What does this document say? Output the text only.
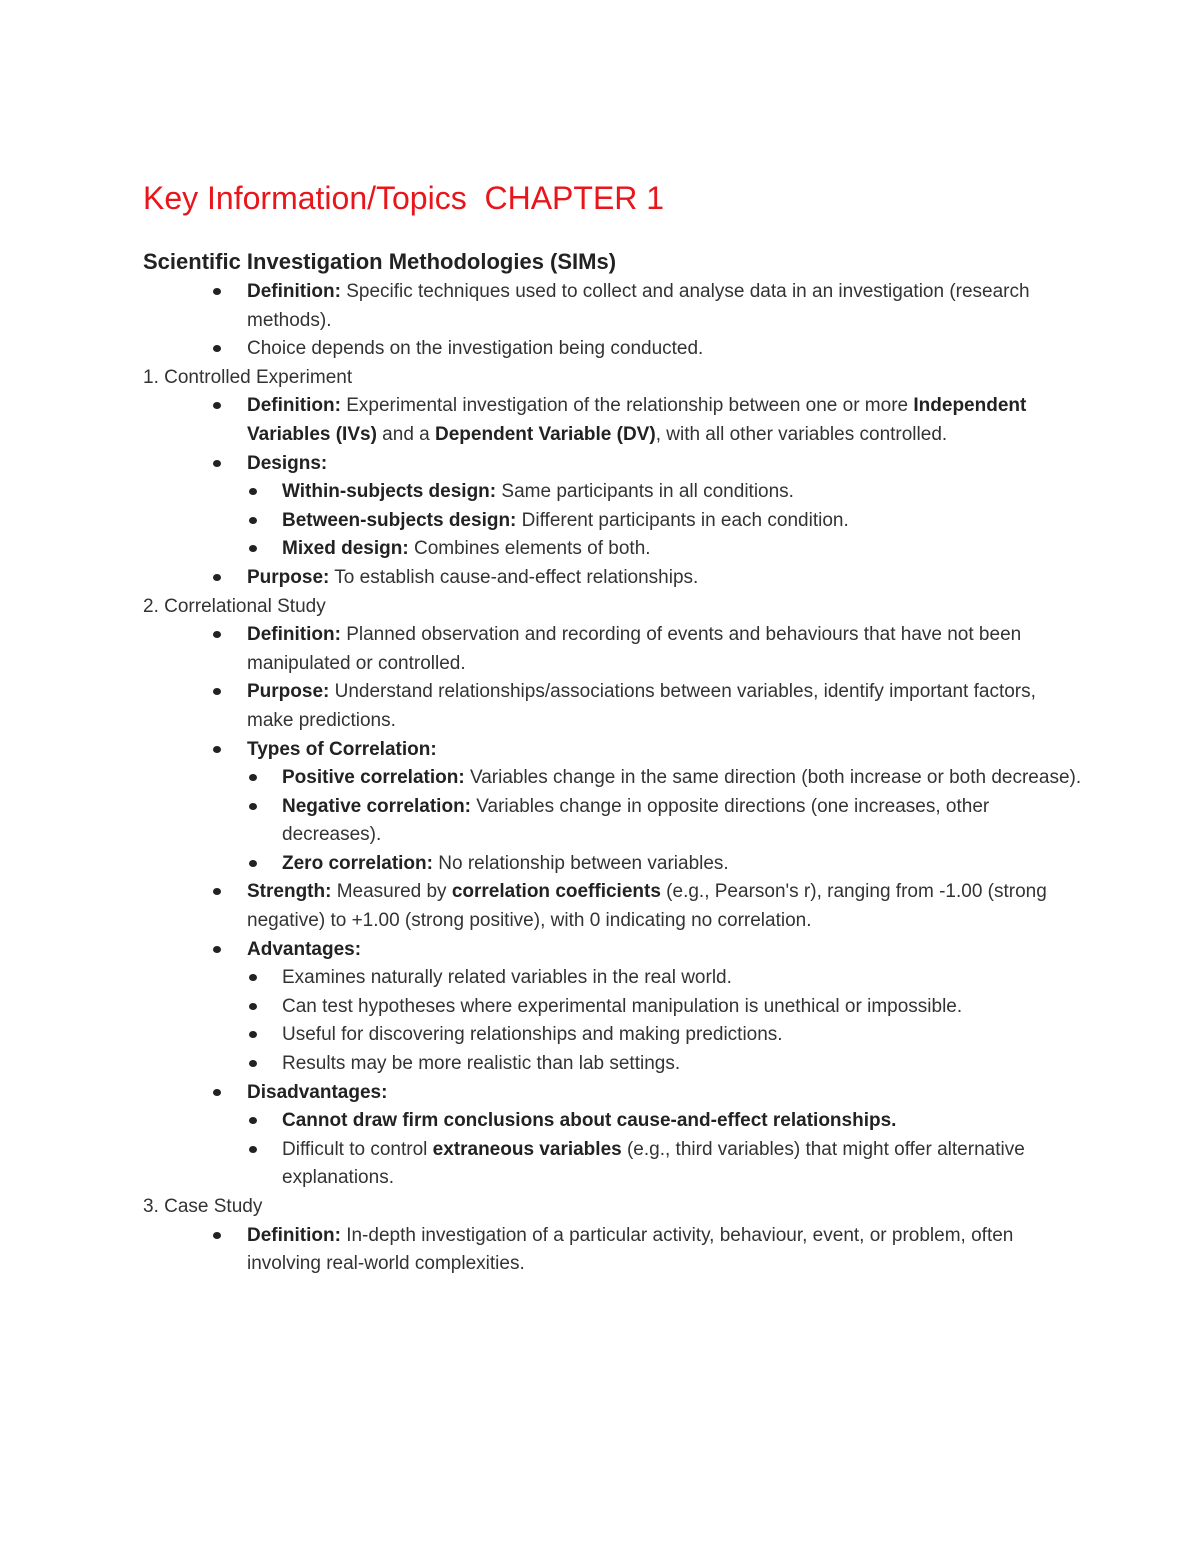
Key Information/Topics  CHAPTER 1
Scientific Investigation Methodologies (SIMs)
Definition: Specific techniques used to collect and analyse data in an investigation (research methods).
Choice depends on the investigation being conducted.
1. Controlled Experiment
Definition: Experimental investigation of the relationship between one or more Independent Variables (IVs) and a Dependent Variable (DV), with all other variables controlled.
Designs:
Within-subjects design: Same participants in all conditions.
Between-subjects design: Different participants in each condition.
Mixed design: Combines elements of both.
Purpose: To establish cause-and-effect relationships.
2. Correlational Study
Definition: Planned observation and recording of events and behaviours that have not been manipulated or controlled.
Purpose: Understand relationships/associations between variables, identify important factors, make predictions.
Types of Correlation:
Positive correlation: Variables change in the same direction (both increase or both decrease).
Negative correlation: Variables change in opposite directions (one increases, other decreases).
Zero correlation: No relationship between variables.
Strength: Measured by correlation coefficients (e.g., Pearson's r), ranging from -1.00 (strong negative) to +1.00 (strong positive), with 0 indicating no correlation.
Advantages:
Examines naturally related variables in the real world.
Can test hypotheses where experimental manipulation is unethical or impossible.
Useful for discovering relationships and making predictions.
Results may be more realistic than lab settings.
Disadvantages:
Cannot draw firm conclusions about cause-and-effect relationships.
Difficult to control extraneous variables (e.g., third variables) that might offer alternative explanations.
3. Case Study
Definition: In-depth investigation of a particular activity, behaviour, event, or problem, often involving real-world complexities.
